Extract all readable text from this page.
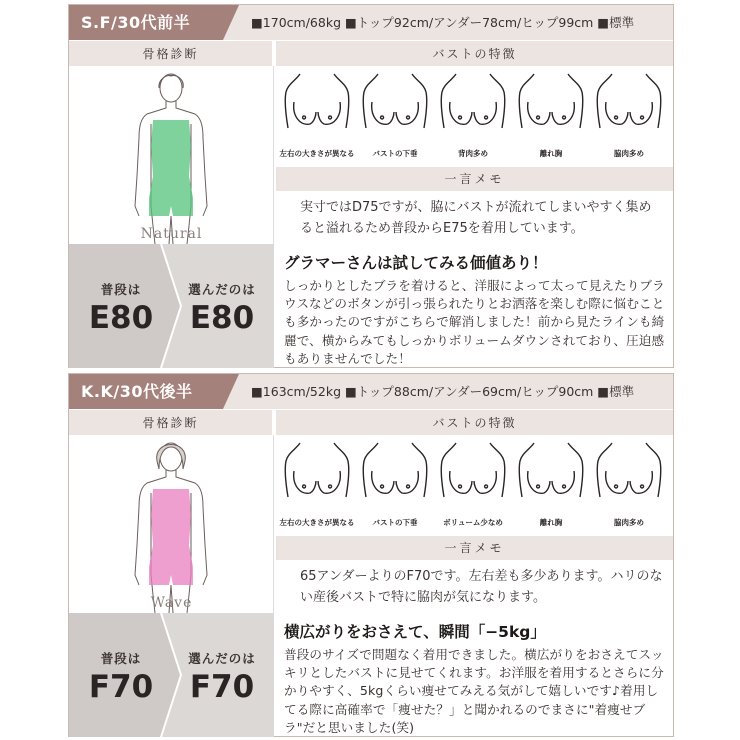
S.F/30代前半	■170cm/68kg ■トップ92cm/アンダー78cm/ヒップ99cm ■標準
骨格診断	バストの特徴
Natural
左右の大きさが異なる	バストの下垂	背肉多め	離れ胸	脇肉多め
一言メモ
実寸ではD75ですが、脇にバストが流れてしまいやすく集めると溢れるため普段からE75を着用しています。
普段は
E80
選んだのは
E80
グラマーさんは試してみる価値あり！
しっかりとしたブラを着けると、洋服によって太って見えたりブラウスなどのボタンが引っ張られたりとお洒落を楽しむ際に悩むことも多かったのですがこちらで解消しました！前から見たラインも綺麗で、横からみてもしっかりボリュームダウンされており、圧迫感もありませんでした！
K.K/30代後半	■163cm/52kg ■トップ88cm/アンダー69cm/ヒップ90cm ■標準
骨格診断	バストの特徴
Wave
左右の大きさが異なる	バストの下垂	ボリューム少なめ	離れ胸	脇肉多め
一言メモ
65アンダーよりのF70です。左右差も多少あります。ハリのない産後バストで特に脇肉が気になります。
普段は
F70
選んだのは
F70
横広がりをおさえて、瞬間「−5kg」
普段のサイズで問題なく着用できました。横広がりをおさえてスッキリとしたバストに見せてくれます。お洋服を着用するとさらに分かりやすく、5kgくらい痩せてみえる気がして嬉しいです♪着用してる際に高確率で「痩せた？」と聞かれるのでまさに"着痩せブラ"だと思いました(笑)
